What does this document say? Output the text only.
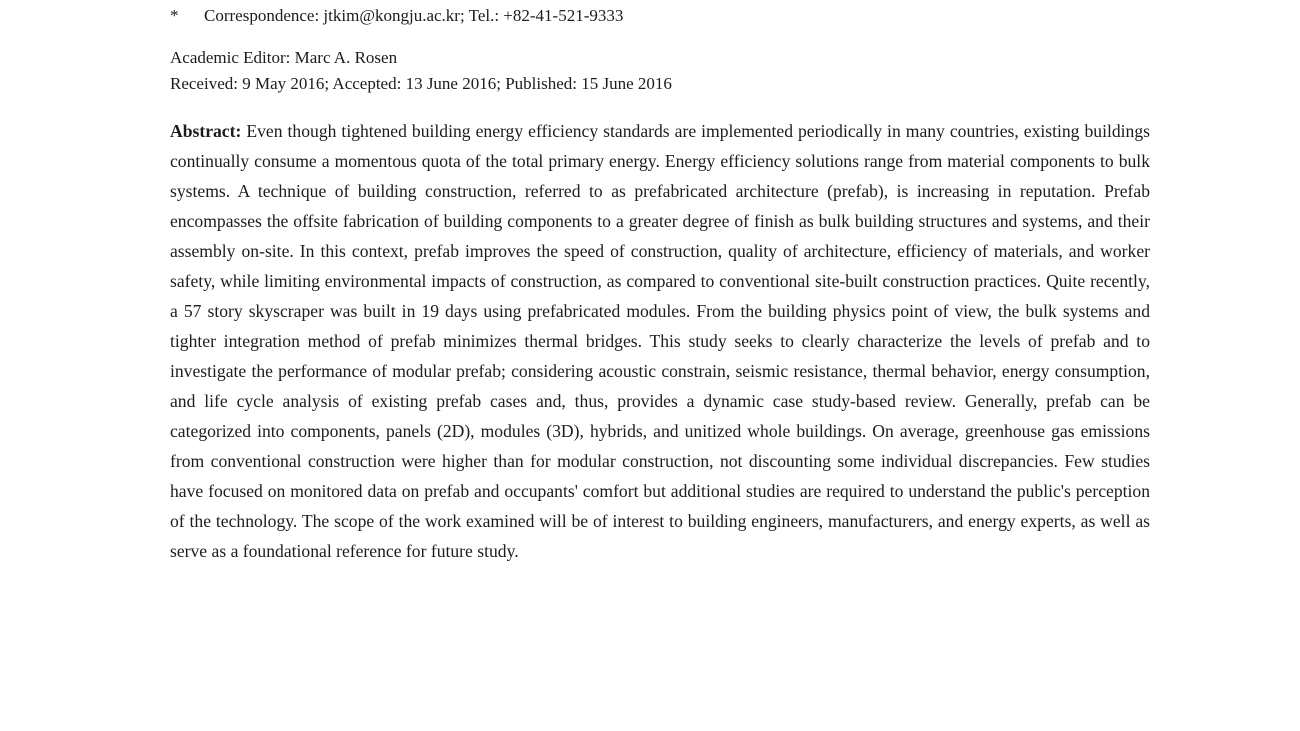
* Correspondence: jtkim@kongju.ac.kr; Tel.: +82-41-521-9333
Academic Editor: Marc A. Rosen
Received: 9 May 2016; Accepted: 13 June 2016; Published: 15 June 2016

Abstract: Even though tightened building energy efficiency standards are implemented periodically in many countries, existing buildings continually consume a momentous quota of the total primary energy. Energy efficiency solutions range from material components to bulk systems. A technique of building construction, referred to as prefabricated architecture (prefab), is increasing in reputation. Prefab encompasses the offsite fabrication of building components to a greater degree of finish as bulk building structures and systems, and their assembly on-site. In this context, prefab improves the speed of construction, quality of architecture, efficiency of materials, and worker safety, while limiting environmental impacts of construction, as compared to conventional site-built construction practices. Quite recently, a 57 story skyscraper was built in 19 days using prefabricated modules. From the building physics point of view, the bulk systems and tighter integration method of prefab minimizes thermal bridges. This study seeks to clearly characterize the levels of prefab and to investigate the performance of modular prefab; considering acoustic constrain, seismic resistance, thermal behavior, energy consumption, and life cycle analysis of existing prefab cases and, thus, provides a dynamic case study-based review. Generally, prefab can be categorized into components, panels (2D), modules (3D), hybrids, and unitized whole buildings. On average, greenhouse gas emissions from conventional construction were higher than for modular construction, not discounting some individual discrepancies. Few studies have focused on monitored data on prefab and occupants' comfort but additional studies are required to understand the public's perception of the technology. The scope of the work examined will be of interest to building engineers, manufacturers, and energy experts, as well as serve as a foundational reference for future study.
